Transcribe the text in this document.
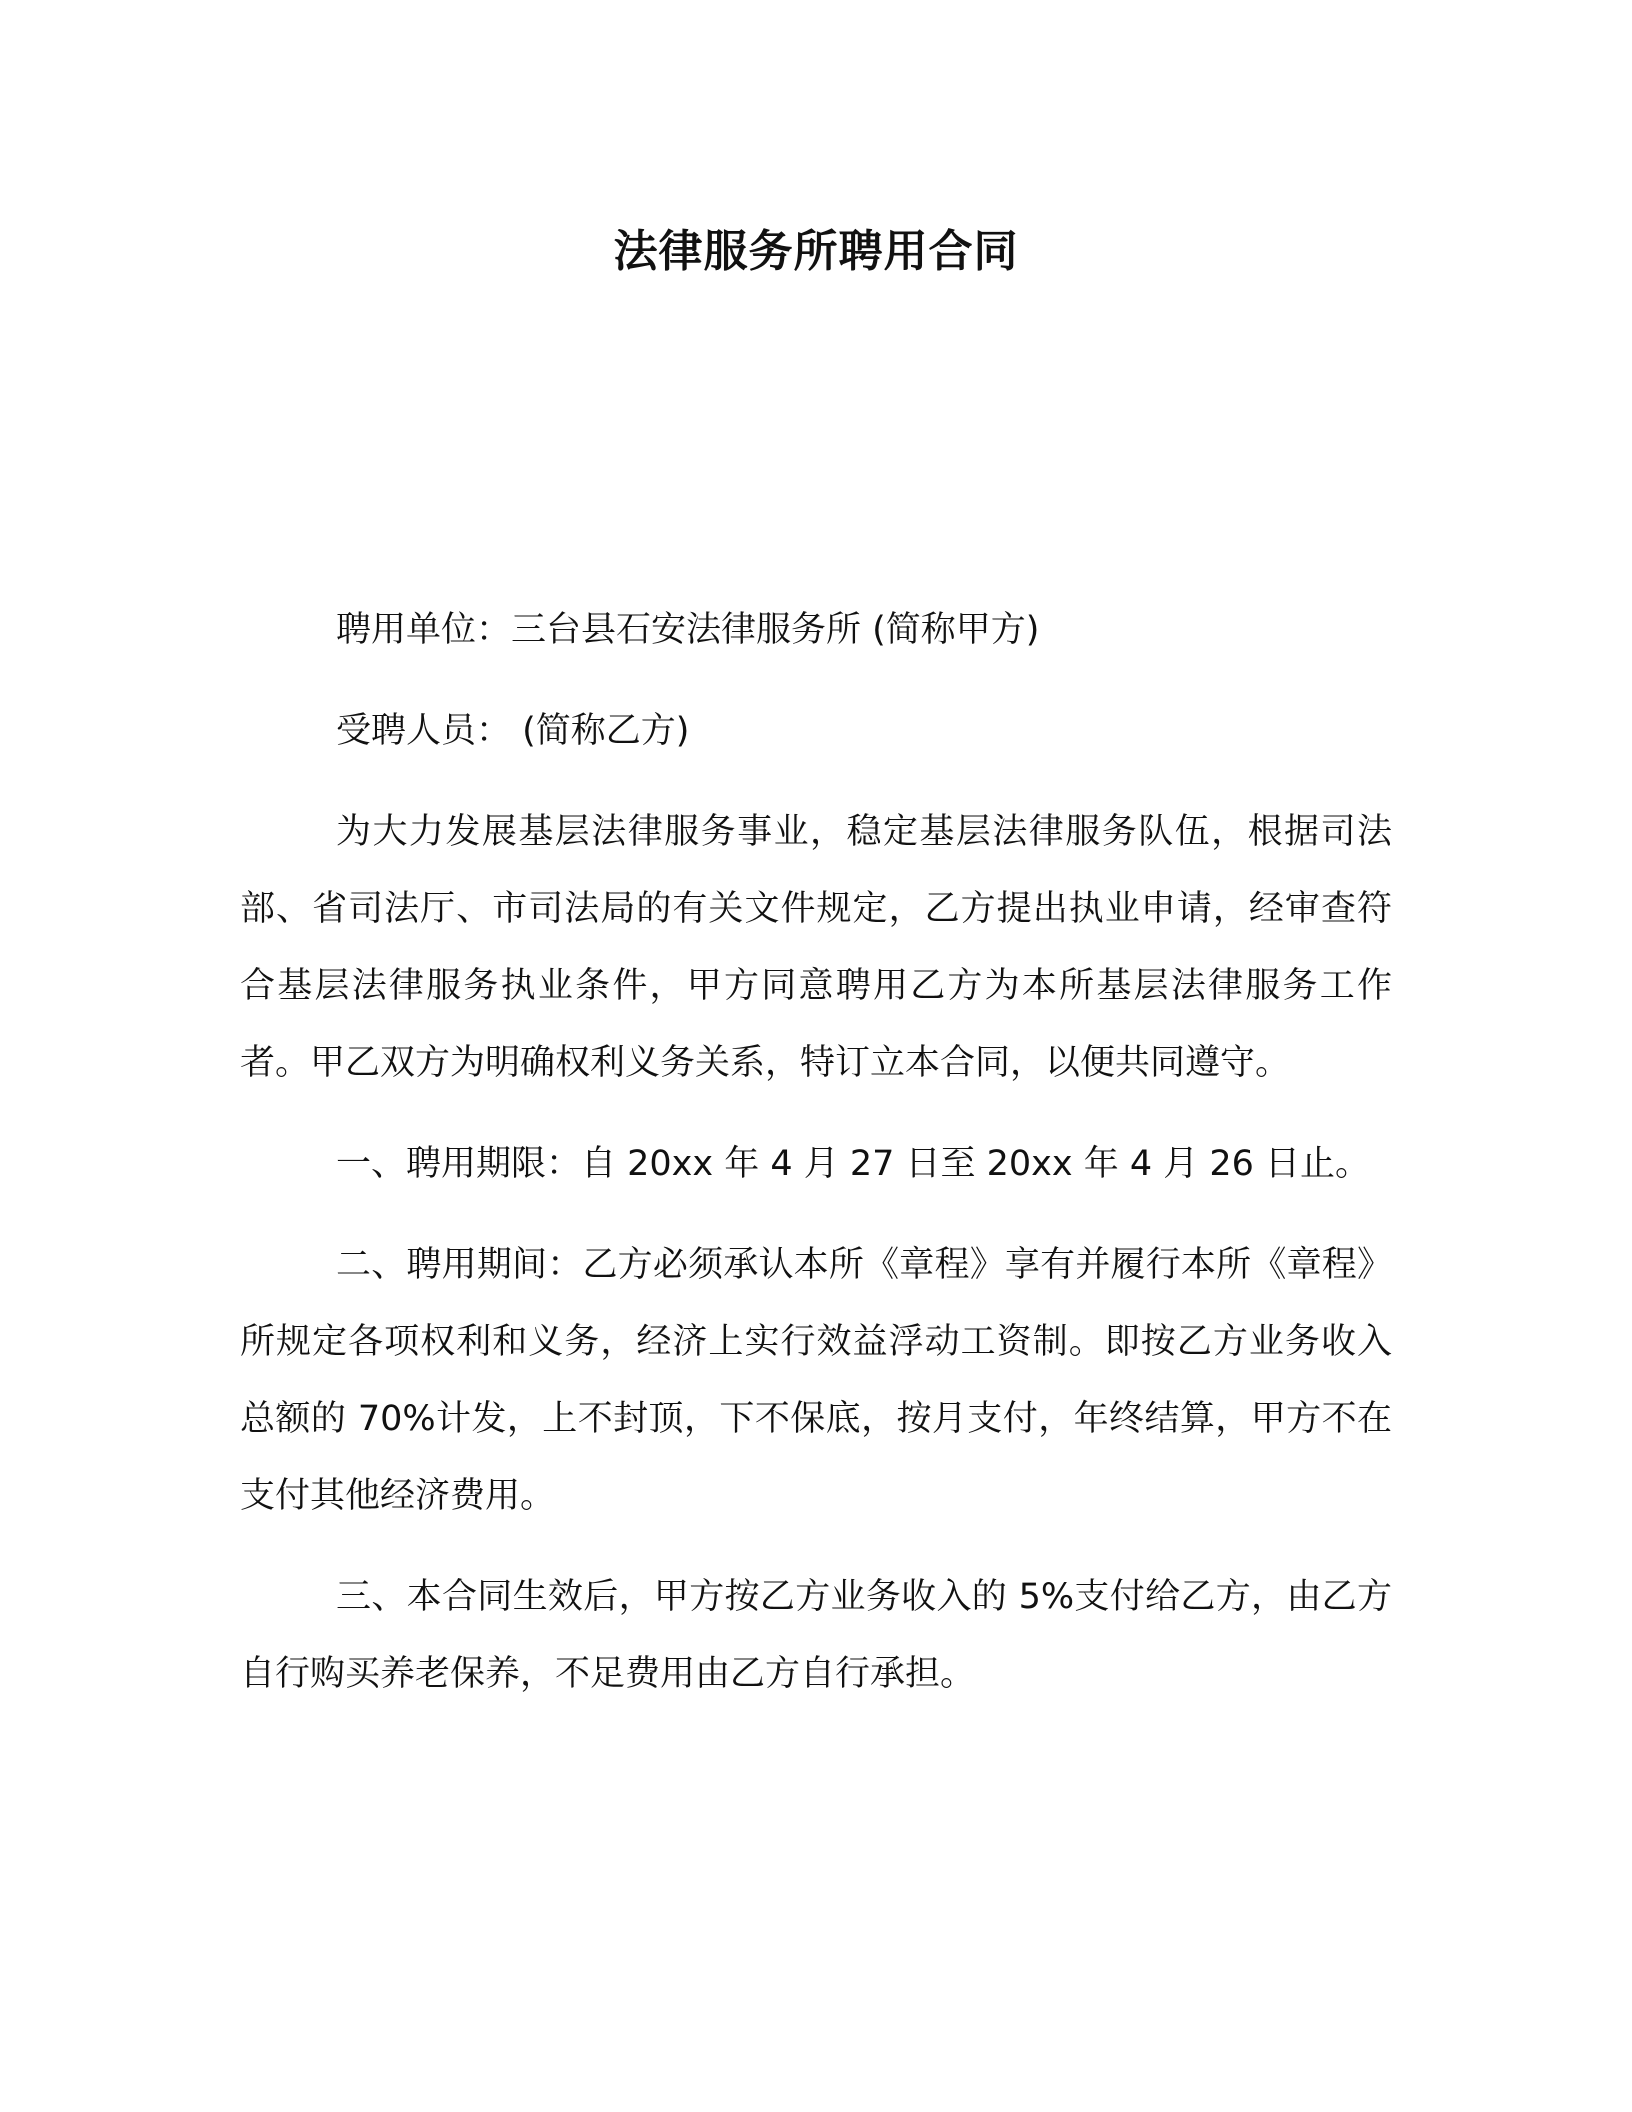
法律服务所聘用合同

聘用单位：三台县石安法律服务所 (简称甲方)

受聘人员： (简称乙方)

为大力发展基层法律服务事业，稳定基层法律服务队伍，根据司法部、省司法厅、市司法局的有关文件规定，乙方提出执业申请，经审查符合基层法律服务执业条件，甲方同意聘用乙方为本所基层法律服务工作者。甲乙双方为明确权利义务关系，特订立本合同，以便共同遵守。

一、聘用期限：自 20xx 年 4 月 27 日至 20xx 年 4 月 26 日止。

二、聘用期间：乙方必须承认本所《章程》享有并履行本所《章程》所规定各项权利和义务，经济上实行效益浮动工资制。即按乙方业务收入总额的 70%计发，上不封顶，下不保底，按月支付，年终结算，甲方不在支付其他经济费用。

三、本合同生效后，甲方按乙方业务收入的 5%支付给乙方，由乙方自行购买养老保养，不足费用由乙方自行承担。
